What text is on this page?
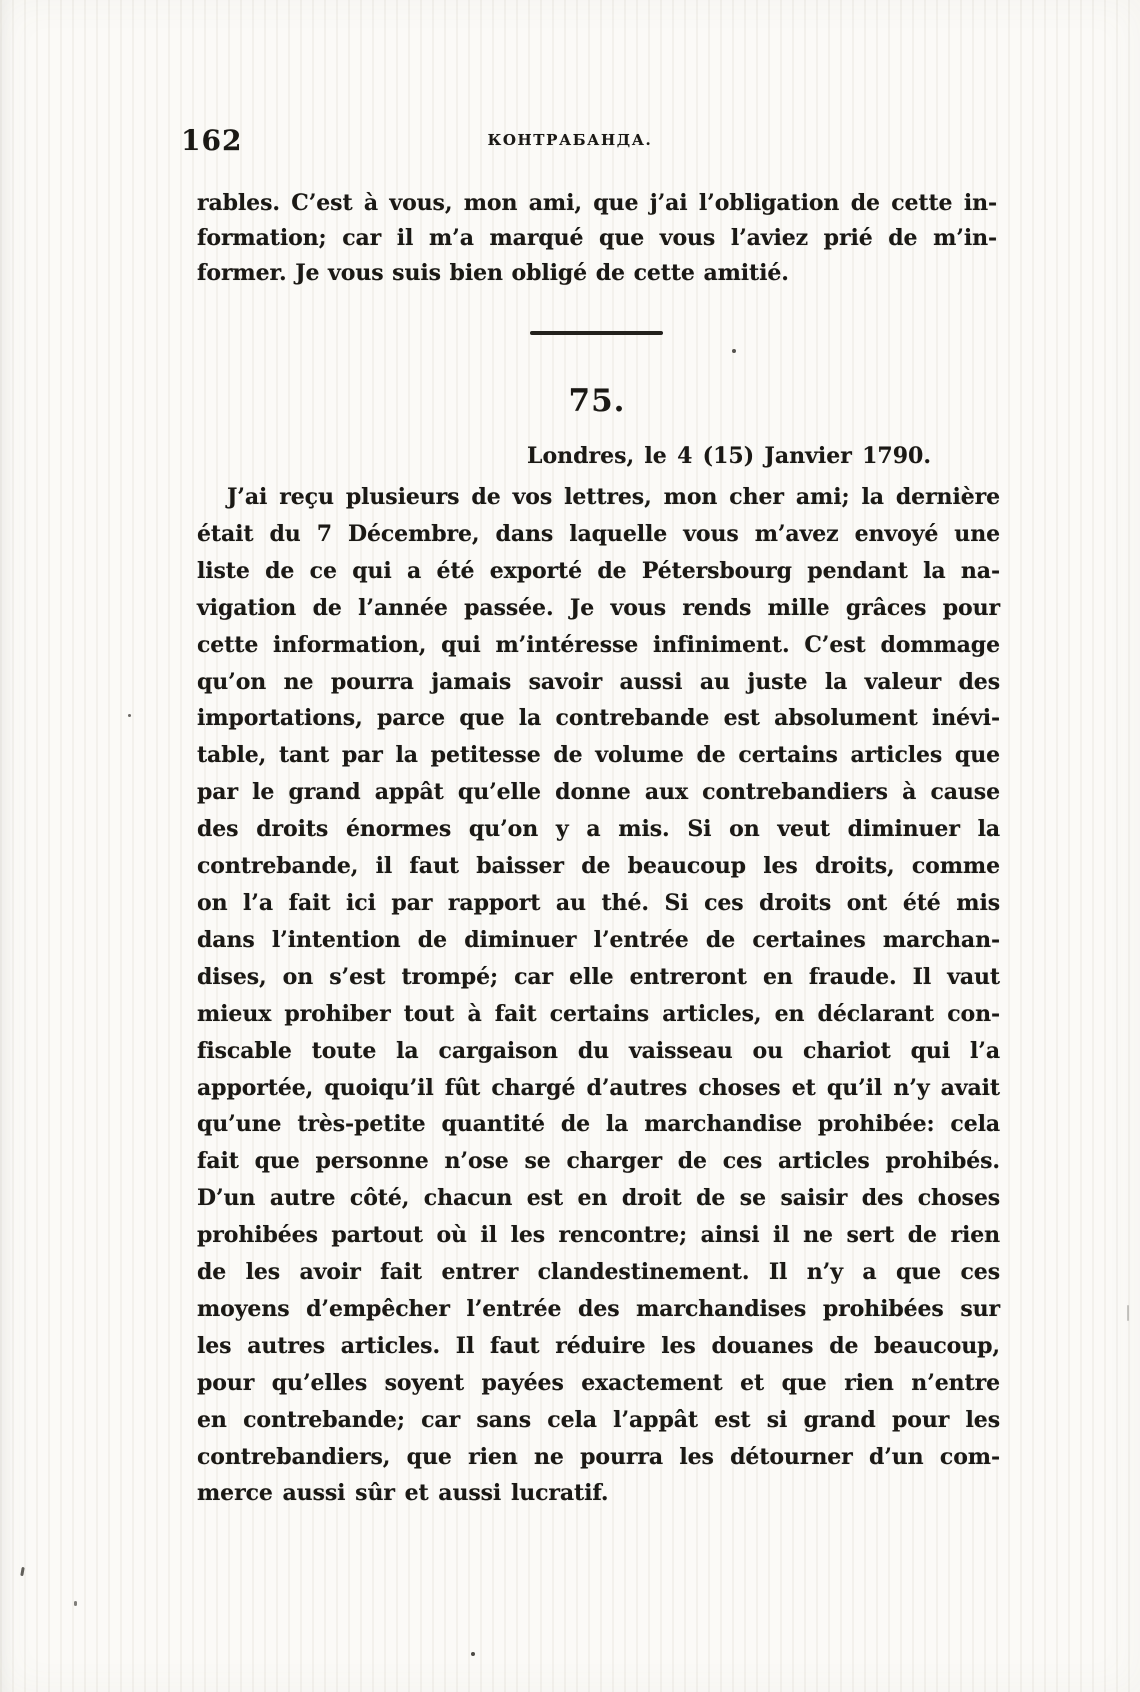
162	КОНТРАБАНДА.
rables. C’est à vous, mon ami, que j’ai l’obligation de cette in-
formation; car il m’a marqué que vous l’aviez prié de m’in-
former. Je vous suis bien obligé de cette amitié.
75.
Londres, le 4 (15) Janvier 1790.
J’ai reçu plusieurs de vos lettres, mon cher ami; la dernière
était du 7 Décembre, dans laquelle vous m’avez envoyé une
liste de ce qui a été exporté de Pétersbourg pendant la na-
vigation de l’année passée. Je vous rends mille grâces pour
cette information, qui m’intéresse infiniment. C’est dommage
qu’on ne pourra jamais savoir aussi au juste la valeur des
importations, parce que la contrebande est absolument inévi-
table, tant par la petitesse de volume de certains articles que
par le grand appât qu’elle donne aux contrebandiers à cause
des droits énormes qu’on y a mis. Si on veut diminuer la
contrebande, il faut baisser de beaucoup les droits, comme
on l’a fait ici par rapport au thé. Si ces droits ont été mis
dans l’intention de diminuer l’entrée de certaines marchan-
dises, on s’est trompé; car elle entreront en fraude. Il vaut
mieux prohiber tout à fait certains articles, en déclarant con-
fiscable toute la cargaison du vaisseau ou chariot qui l’a
apportée, quoiqu’il fût chargé d’autres choses et qu’il n’y avait
qu’une très-petite quantité de la marchandise prohibée: cela
fait que personne n’ose se charger de ces articles prohibés.
D’un autre côté, chacun est en droit de se saisir des choses
prohibées partout où il les rencontre; ainsi il ne sert de rien
de les avoir fait entrer clandestinement. Il n’y a que ces
moyens d’empêcher l’entrée des marchandises prohibées sur
les autres articles. Il faut réduire les douanes de beaucoup,
pour qu’elles soyent payées exactement et que rien n’entre
en contrebande; car sans cela l’appât est si grand pour les
contrebandiers, que rien ne pourra les détourner d’un com-
merce aussi sûr et aussi lucratif.
